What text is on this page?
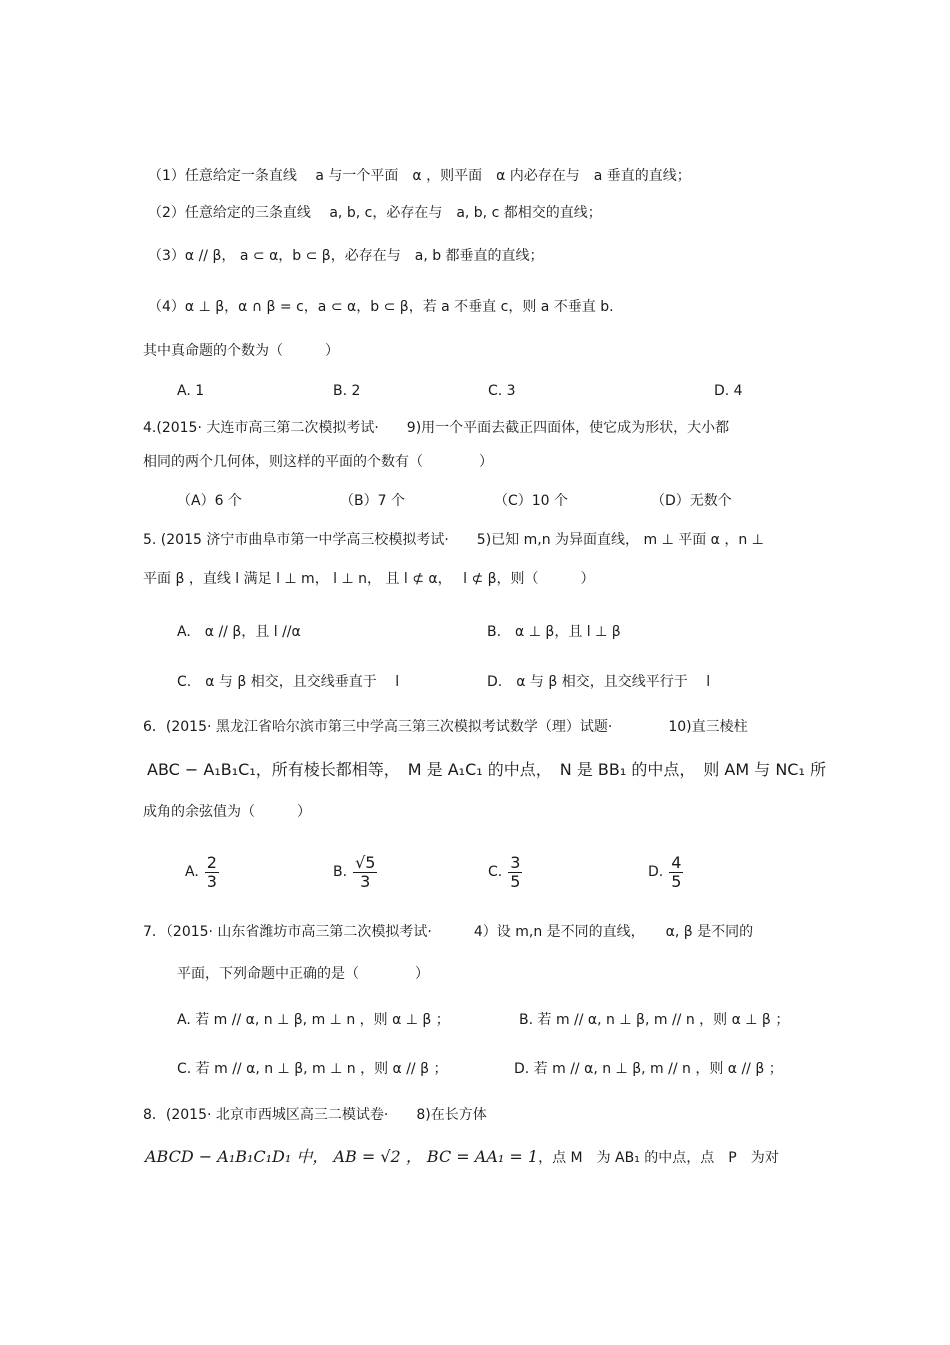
（1）任意给定一条直线　 a 与一个平面　α ，则平面　α 内必存在与　a 垂直的直线；
（2）任意给定的三条直线　 a, b, c，必存在与　a, b, c 都相交的直线；
（3）α // β， a ⊂ α，b ⊂ β，必存在与　a, b 都垂直的直线；
（4）α ⊥ β，α ∩ β = c，a ⊂ α，b ⊂ β，若 a 不垂直 c，则 a 不垂直 b.
其中真命题的个数为（　　　）
A. 1	B. 2	C. 3	D. 4
4.(2015· 大连市高三第二次模拟考试·　　9)用一个平面去截正四面体，使它成为形状，大小都
相同的两个几何体，则这样的平面的个数有（　　　　）
（A）6 个	（B）7 个	（C）10 个	（D）无数个
5. (2015 济宁市曲阜市第一中学高三校模拟考试·　　5)已知 m,n 为异面直线， m ⊥ 平面 α ，n ⊥
平面 β ，直线 l 满足 l ⊥ m， l ⊥ n， 且 l ⊄ α，　 l ⊄ β，则（　　　）
A.　α // β，且 l //α	B.　α ⊥ β，且 l ⊥ β
C.　α 与 β 相交，且交线垂直于　 l	D.　α 与 β 相交，且交线平行于　 l
6．(2015· 黑龙江省哈尔滨市第三中学高三第三次模拟考试数学（理）试题·　　　　10)直三棱柱
ABC − A₁B₁C₁，所有棱长都相等，　M 是 A₁C₁ 的中点，　N 是 BB₁ 的中点，　则 AM 与 NC₁ 所
成角的余弦值为（　　　）
A. $\frac{2}{3}$	B. $\frac{√5}{3}$	C. $\frac{3}{5}$	D. $\frac{4}{5}$
7．（2015· 山东省潍坊市高三第二次模拟考试·　　　4）设 m,n 是不同的直线，　　α, β 是不同的
平面，下列命题中正确的是（　　　　）
A. 若 m // α, n ⊥ β, m ⊥ n ，则 α ⊥ β ；	B. 若 m // α, n ⊥ β, m // n ，则 α ⊥ β ；
C. 若 m // α, n ⊥ β, m ⊥ n ，则 α // β ；	D. 若 m // α, n ⊥ β, m // n ，则 α // β ；
8．(2015· 北京市西城区高三二模试卷·　　8)在长方体
ABCD − A₁B₁C₁D₁ 中， AB = √2 ， BC = AA₁ = 1，点 M　为 AB₁ 的中点，点　P　为对
